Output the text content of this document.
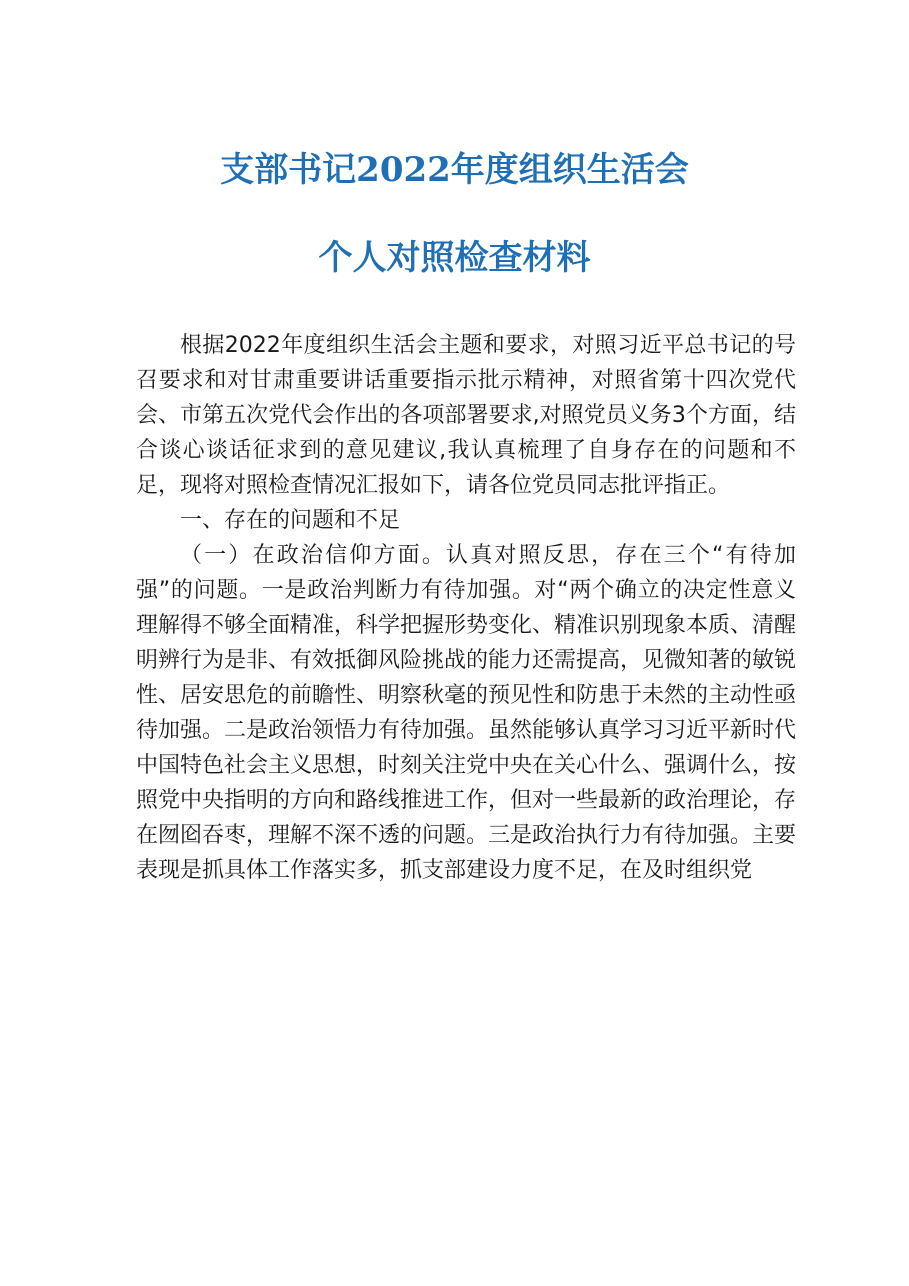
支部书记2022年度组织生活会
个人对照检查材料

根据2022年度组织生活会主题和要求，对照习近平总书记的号召要求和对甘肃重要讲话重要指示批示精神，对照省第十四次党代会、市第五次党代会作出的各项部署要求,对照党员义务3个方面，结合谈心谈话征求到的意见建议,我认真梳理了自身存在的问题和不足，现将对照检查情况汇报如下，请各位党员同志批评指正。

一、存在的问题和不足

（一）在政治信仰方面。认真对照反思，存在三个“有待加强”的问题。一是政治判断力有待加强。对“两个确立的决定性意义理解得不够全面精准，科学把握形势变化、精准识别现象本质、清醒明辨行为是非、有效抵御风险挑战的能力还需提高，见微知著的敏锐性、居安思危的前瞻性、明察秋毫的预见性和防患于未然的主动性亟待加强。二是政治领悟力有待加强。虽然能够认真学习习近平新时代中国特色社会主义思想，时刻关注党中央在关心什么、强调什么，按照党中央指明的方向和路线推进工作，但对一些最新的政治理论，存在囫囵吞枣，理解不深不透的问题。三是政治执行力有待加强。主要表现是抓具体工作落实多，抓支部建设力度不足，在及时组织党
